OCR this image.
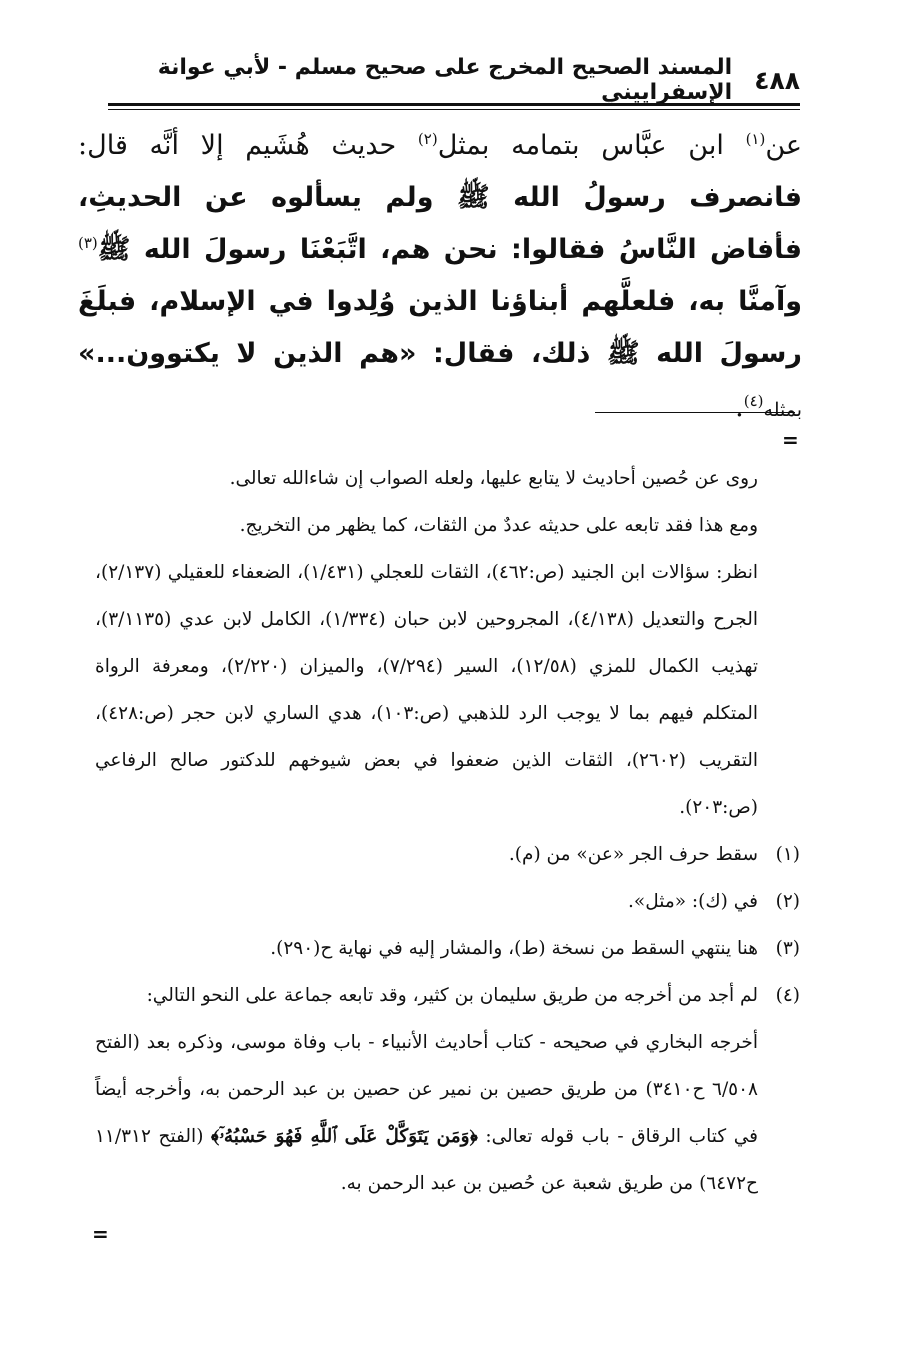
٤٨٨
المسند الصحيح المخرج على صحيح مسلم - لأبي عوانة الإسفراييني
عن$^{(١)}$ ابن عبَّاس بتمامه بمثل$^{(٢)}$ حديث هُشَيم إلا أنَّه قال: فانصرف رسولُ الله ﷺ ولم يسألوه عن الحديثِ، فأفاض النَّاسُ فقالوا: نحن هم، اتَّبَعْنَا رسولَ الله ﷺ$^{(٣)}$ وآمنَّا به، فلعلَّهم أبناؤنا الذين وُلِدوا في الإسلام، فبلَغَ رسولَ الله ﷺ ذلك، فقال: «هم الذين لا يكتوون...» بمثله$^{(٤)}$.
=
روى عن حُصين أحاديث لا يتابع عليها، ولعله الصواب إن شاءالله تعالى.
ومع هذا فقد تابعه على حديثه عددٌ من الثقات، كما يظهر من التخريج.
انظر: سؤالات ابن الجنيد (ص:٤٦٢)، الثقات للعجلي (١/٤٣١)، الضعفاء للعقيلي (٢/١٣٧)، الجرح والتعديل (٤/١٣٨)، المجروحين لابن حبان (١/٣٣٤)، الكامل لابن عدي (٣/١١٣٥)، تهذيب الكمال للمزي (١٢/٥٨)، السير (٧/٢٩٤)، والميزان (٢/٢٢٠)، ومعرفة الرواة المتكلم فيهم بما لا يوجب الرد للذهبي (ص:١٠٣)، هدي الساري لابن حجر (ص:٤٢٨)، التقريب (٢٦٠٢)، الثقات الذين ضعفوا في بعض شيوخهم للدكتور صالح الرفاعي (ص:٢٠٣).
(١)
سقط حرف الجر «عن» من (م).
(٢)
في (ك): «مثل».
(٣)
هنا ينتهي السقط من نسخة (ط)، والمشار إليه في نهاية ح(٢٩٠).
(٤)
لم أجد من أخرجه من طريق سليمان بن كثير، وقد تابعه جماعة على النحو التالي:
أخرجه البخاري في صحيحه - كتاب أحاديث الأنبياء - باب وفاة موسى، وذكره بعد (الفتح ٦/٥٠٨ ح٣٤١٠) من طريق حصين بن نمير عن حصين بن عبد الرحمن به، وأخرجه أيضاً في كتاب الرقاق - باب قوله تعالى: ﴿وَمَن يَتَوَكَّلْ عَلَى ٱللَّهِ فَهُوَ حَسْبُهُۥٓ﴾ (الفتح ١١/٣١٢ ح٦٤٧٢) من طريق شعبة عن حُصين بن عبد الرحمن به.
=
